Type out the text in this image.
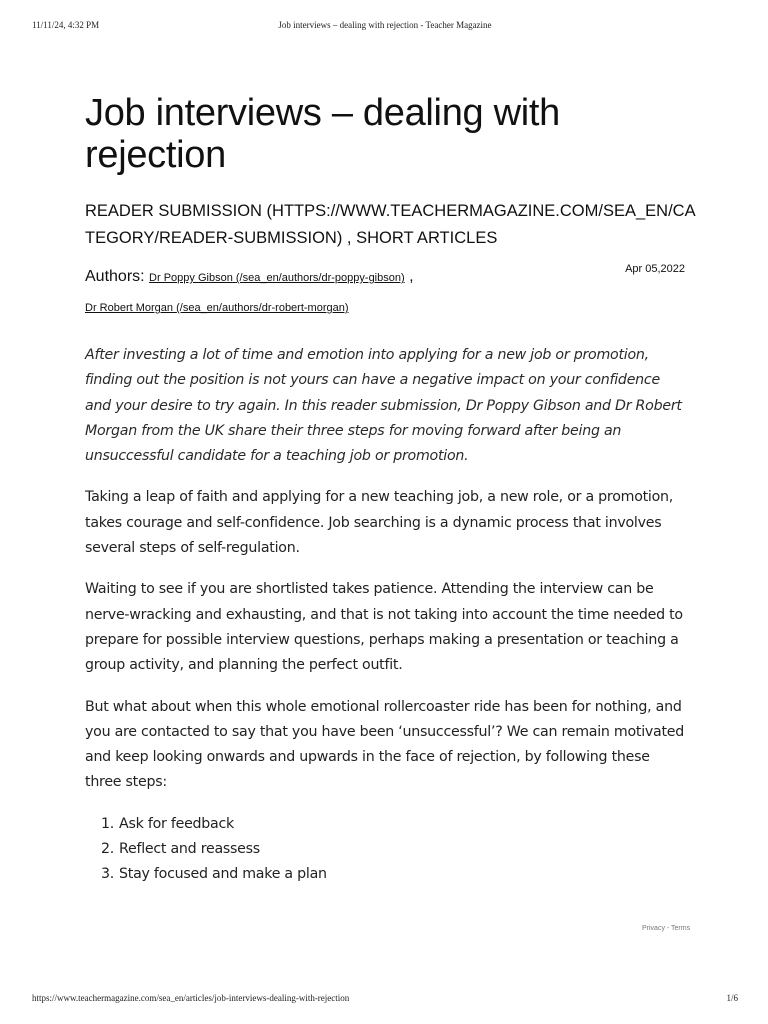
11/11/24, 4:32 PM	Job interviews – dealing with rejection - Teacher Magazine
Job interviews – dealing with rejection
READER SUBMISSION (HTTPS://WWW.TEACHERMAGAZINE.COM/SEA_EN/CATEGORY/READER-SUBMISSION) , SHORT ARTICLES
Authors: Dr Poppy Gibson (/sea_en/authors/dr-poppy-gibson) ,
Dr Robert Morgan (/sea_en/authors/dr-robert-morgan)
Apr 05,2022

After investing a lot of time and emotion into applying for a new job or promotion, finding out the position is not yours can have a negative impact on your confidence and your desire to try again. In this reader submission, Dr Poppy Gibson and Dr Robert Morgan from the UK share their three steps for moving forward after being an unsuccessful candidate for a teaching job or promotion.

Taking a leap of faith and applying for a new teaching job, a new role, or a promotion, takes courage and self-confidence. Job searching is a dynamic process that involves several steps of self-regulation.

Waiting to see if you are shortlisted takes patience. Attending the interview can be nerve-wracking and exhausting, and that is not taking into account the time needed to prepare for possible interview questions, perhaps making a presentation or teaching a group activity, and planning the perfect outfit.

But what about when this whole emotional rollercoaster ride has been for nothing, and you are contacted to say that you have been ‘unsuccessful’? We can remain motivated and keep looking onwards and upwards in the face of rejection, by following these three steps:

1. Ask for feedback
2. Reflect and reassess
3. Stay focused and make a plan
Privacy - Terms
https://www.teachermagazine.com/sea_en/articles/job-interviews-dealing-with-rejection	1/6
